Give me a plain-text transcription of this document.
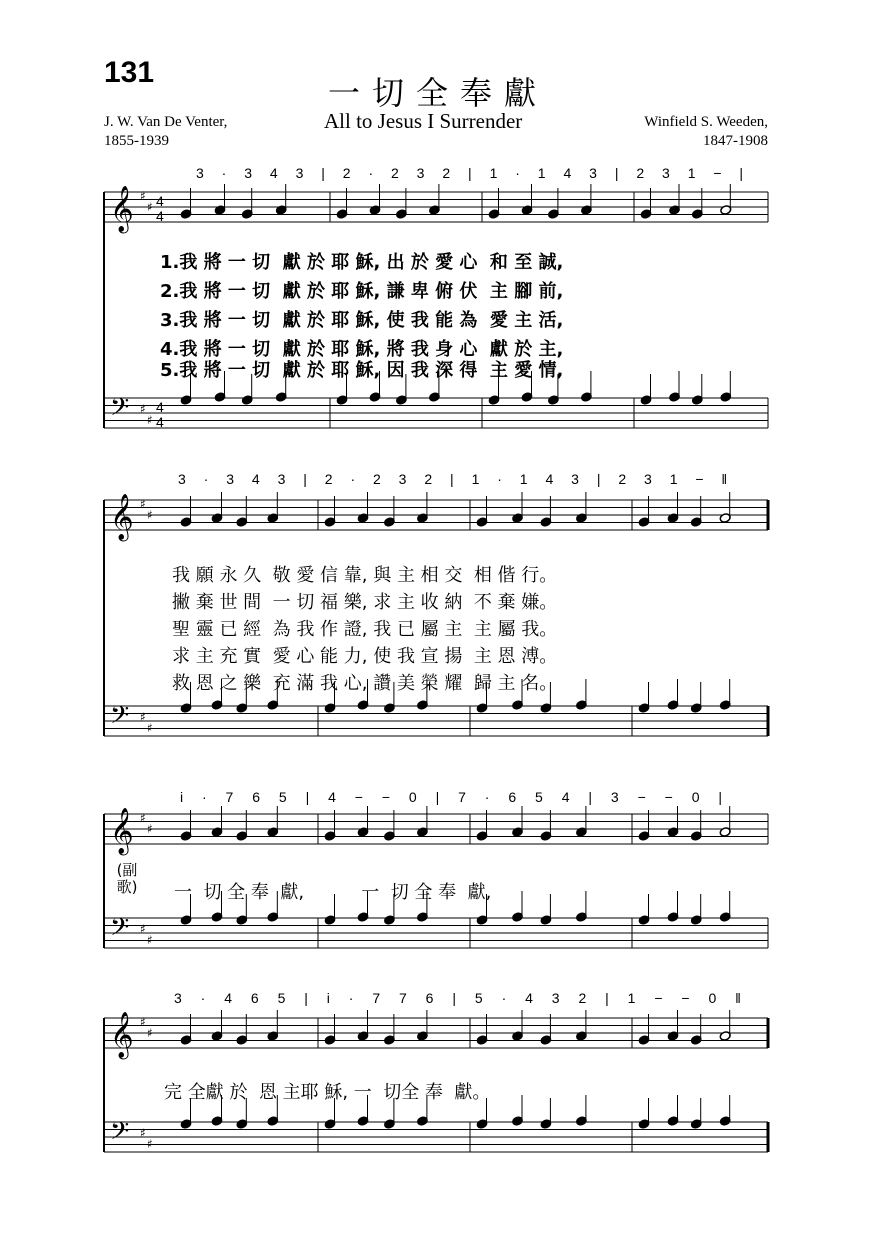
131
一切全奉獻
All to Jesus I Surrender
J. W. Van De Venter,
1855-1939
Winfield S. Weeden,
1847-1908
3 · 3 4 3 | 2 · 2 3 2 | 1 · 1 4 3 | 2 3 1 − |
3 · 3 4 3 | 2 · 2 3 2 | 1 · 1 4 3 | 2 3 1 − ‖
i · 7 6 5 | 4 − − 0 | 7 · 6 5 4 | 3 − − 0 |
3 · 4 6 5 | i · 7 7 6 | 5 · 4 3 2 | 1 − − 0 ‖
1.我 將 一 切  獻 於 耶 穌, 出 於 愛 心  和 至 誠,
2.我 將 一 切  獻 於 耶 穌, 謙 卑 俯 伏  主 腳 前,
3.我 將 一 切  獻 於 耶 穌, 使 我 能 為  愛 主 活,
4.我 將 一 切  獻 於 耶 穌, 將 我 身 心  獻 於 主,
5.我 將 一 切  獻 於 耶 穌, 因 我 深 得  主 愛 情,
我 願 永 久  敬 愛 信 靠, 與 主 相 交  相 偕 行。
撇 棄 世 間  一 切 福 樂, 求 主 收 納  不 棄 嫌。
聖 靈 已 經  為 我 作 證, 我 已 屬 主  主 屬 我。
求 主 充 實  愛 心 能 力, 使 我 宣 揚  主 恩 溥。
救 恩 之 樂  充 滿 我 心, 讚 美 榮 耀  歸 主 名。
(副歌) 一  切 全 奉  獻,          一  切 全 奉  獻,
完 全獻 於  恩 主耶 穌, 一  切全 奉  獻。
𝄞
𝄢
♯
♯
♯
♯
4
4
4
4
𝄞
𝄢
♯
♯
♯
♯
𝄞
𝄢
♯
♯
♯
♯
𝄞
𝄢
♯
♯
♯
♯
